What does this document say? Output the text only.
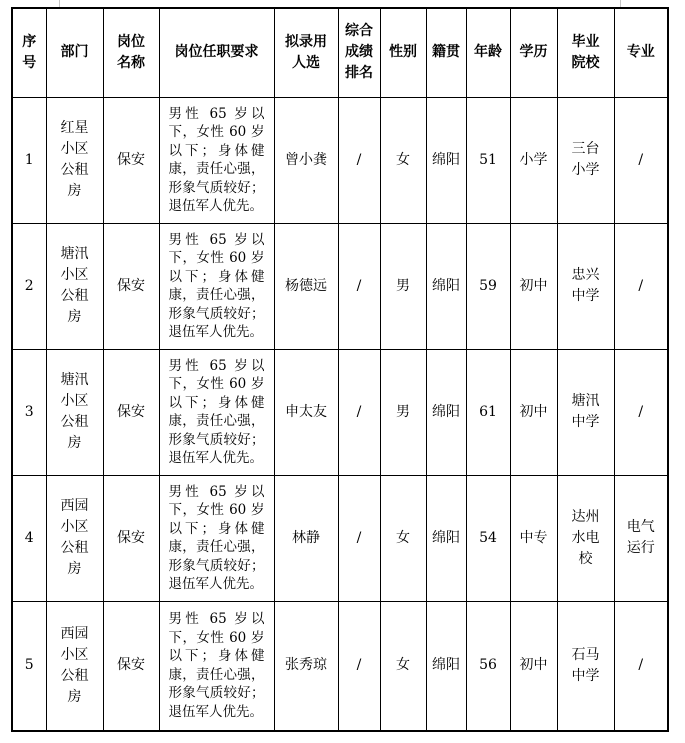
序号	部门	岗位名称	岗位任职要求	拟录用人选	综合成绩排名	性别	籍贯	年龄	学历	毕业院校	专业
1	红星小区公租房	保安	男性 65 岁以下，女性 60 岁以下；身体健康，责任心强，形象气质较好；退伍军人优先。	曾小龚	/	女	绵阳	51	小学	三台小学	/
2	塘汛小区公租房	保安	男性 65 岁以下，女性 60 岁以下；身体健康，责任心强，形象气质较好；退伍军人优先。	杨德远	/	男	绵阳	59	初中	忠兴中学	/
3	塘汛小区公租房	保安	男性 65 岁以下，女性 60 岁以下；身体健康，责任心强，形象气质较好；退伍军人优先。	申太友	/	男	绵阳	61	初中	塘汛中学	/
4	西园小区公租房	保安	男性 65 岁以下，女性 60 岁以下；身体健康，责任心强，形象气质较好；退伍军人优先。	林静	/	女	绵阳	54	中专	达州水电校	电气运行
5	西园小区公租房	保安	男性 65 岁以下，女性 60 岁以下；身体健康，责任心强，形象气质较好；退伍军人优先。	张秀琼	/	女	绵阳	56	初中	石马中学	/
